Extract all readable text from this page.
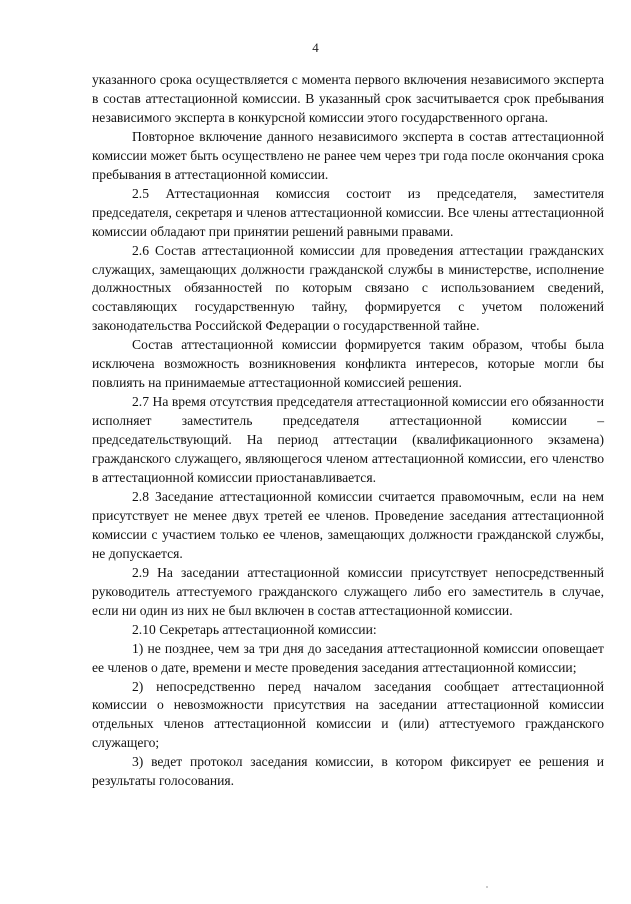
4

указанного срока осуществляется с момента первого включения независимого эксперта в состав аттестационной комиссии. В указанный срок засчитывается срок пребывания независимого эксперта в конкурсной комиссии этого государственного органа.

Повторное включение данного независимого эксперта в состав аттестационной комиссии может быть осуществлено не ранее чем через три года после окончания срока пребывания в аттестационной комиссии.

2.5 Аттестационная комиссия состоит из председателя, заместителя председателя, секретаря и членов аттестационной комиссии. Все члены аттестационной комиссии обладают при принятии решений равными правами.

2.6 Состав аттестационной комиссии для проведения аттестации гражданских служащих, замещающих должности гражданской службы в министерстве, исполнение должностных обязанностей по которым связано с использованием сведений, составляющих государственную тайну, формируется с учетом положений законодательства Российской Федерации о государственной тайне.

Состав аттестационной комиссии формируется таким образом, чтобы была исключена возможность возникновения конфликта интересов, которые могли бы повлиять на принимаемые аттестационной комиссией решения.

2.7 На время отсутствия председателя аттестационной комиссии его обязанности исполняет заместитель председателя аттестационной комиссии – председательствующий. На период аттестации (квалификационного экзамена) гражданского служащего, являющегося членом аттестационной комиссии, его членство в аттестационной комиссии приостанавливается.

2.8 Заседание аттестационной комиссии считается правомочным, если на нем присутствует не менее двух третей ее членов. Проведение заседания аттестационной комиссии с участием только ее членов, замещающих должности гражданской службы, не допускается.

2.9 На заседании аттестационной комиссии присутствует непосредственный руководитель аттестуемого гражданского служащего либо его заместитель в случае, если ни один из них не был включен в состав аттестационной комиссии.

2.10 Секретарь аттестационной комиссии:

1) не позднее, чем за три дня до заседания аттестационной комиссии оповещает ее членов о дате, времени и месте проведения заседания аттестационной комиссии;

2) непосредственно перед началом заседания сообщает аттестационной комиссии о невозможности присутствия на заседании аттестационной комиссии отдельных членов аттестационной комиссии и (или) аттестуемого гражданского служащего;

3) ведет протокол заседания комиссии, в котором фиксирует ее решения и результаты голосования.
